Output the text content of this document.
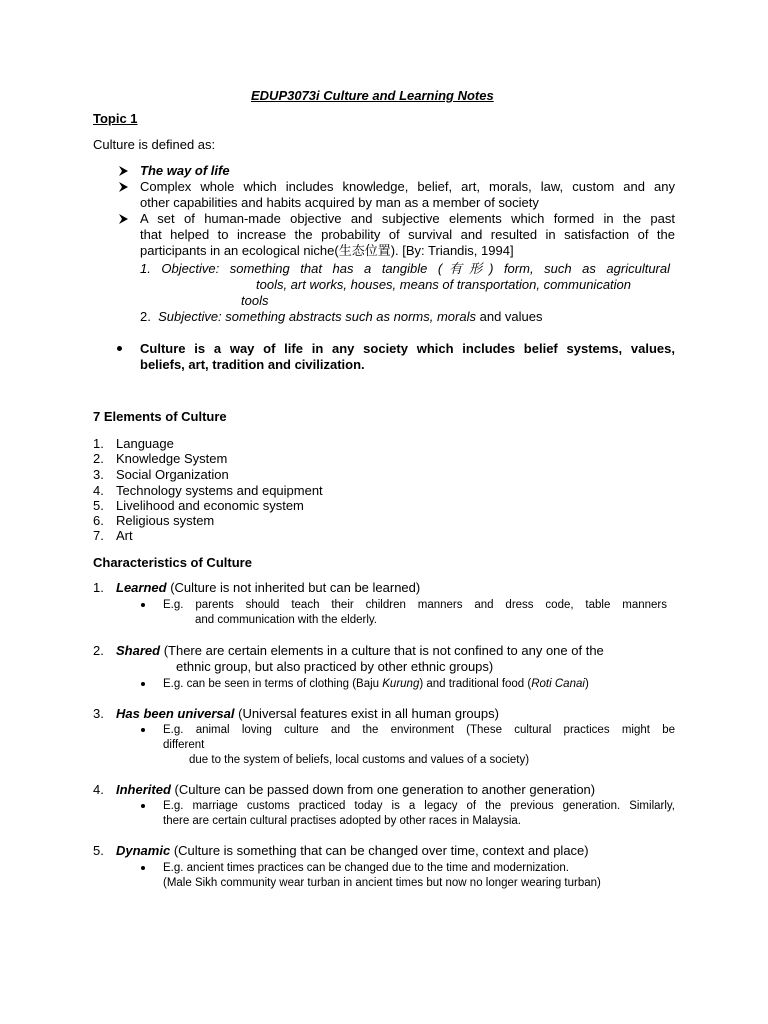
EDUP3073i Culture and Learning Notes
Topic 1
Culture is defined as:
The way of life
Complex whole which includes knowledge, belief, art, morals, law, custom and any
other capabilities and habits acquired by man as a member of society
A set of human-made objective and subjective elements which formed in the past
that helped to increase the probability of survival and resulted in satisfaction of the
participants in an ecological niche(生态位置). [By: Triandis, 1994]
1. Objective: something that has a tangible (有形) form, such as agricultural
tools, art works, houses, means of transportation, communication
tools
2. Subjective: something abstracts such as norms, morals and values
Culture is a way of life in any society which includes belief systems, values,
beliefs, art, tradition and civilization.
7 Elements of Culture
1. Language
2. Knowledge System
3. Social Organization
4. Technology systems and equipment
5. Livelihood and economic system
6. Religious system
7. Art
Characteristics of Culture
1. Learned (Culture is not inherited but can be learned)
E.g. parents should teach their children manners and dress code, table manners
and communication with the elderly.
2. Shared (There are certain elements in a culture that is not confined to any one of the
ethnic group, but also practiced by other ethnic groups)
E.g. can be seen in terms of clothing (Baju Kurung) and traditional food (Roti Canai)
3. Has been universal (Universal features exist in all human groups)
E.g. animal loving culture and the environment (These cultural practices might be
different
due to the system of beliefs, local customs and values of a society)
4. Inherited (Culture can be passed down from one generation to another generation)
E.g. marriage customs practiced today is a legacy of the previous generation. Similarly,
there are certain cultural practises adopted by other races in Malaysia.
5. Dynamic (Culture is something that can be changed over time, context and place)
E.g. ancient times practices can be changed due to the time and modernization.
(Male Sikh community wear turban in ancient times but now no longer wearing turban)
